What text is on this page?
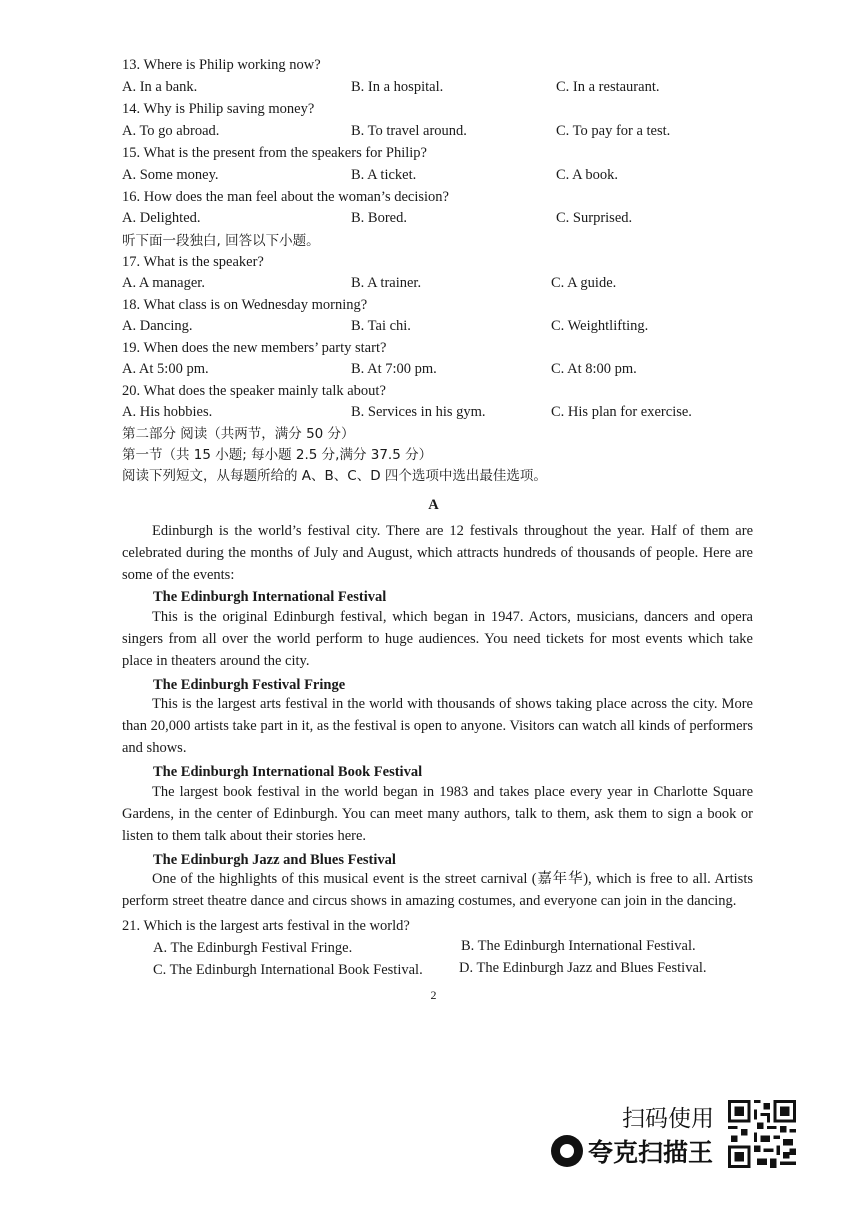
13. Where is Philip working now?
A. In a bank.	B. In a hospital.	C. In a restaurant.
14. Why is Philip saving money?
A. To go abroad.	B. To travel around.	C. To pay for a test.
15. What is the present from the speakers for Philip?
A. Some money.	B. A ticket.	C. A book.
16. How does the man feel about the woman’s decision?
A. Delighted.	B. Bored.	C. Surprised.
听下面一段独白, 回答以下小题。
17. What is the speaker?
A. A manager.	B. A trainer.	C. A guide.
18. What class is on Wednesday morning?
A. Dancing.	B. Tai chi.	C. Weightlifting.
19. When does the new members’ party start?
A. At 5:00 pm.	B. At 7:00 pm.	C. At 8:00 pm.
20. What does the speaker mainly talk about?
A. His hobbies.	B. Services in his gym.	C. His plan for exercise.
第二部分 阅读（共两节，满分 50 分）
第一节（共 15 小题; 每小题 2.5 分,满分 37.5 分）
阅读下列短文，从每题所给的 A、B、C、D 四个选项中选出最佳选项。
A
Edinburgh is the world’s festival city. There are 12 festivals throughout the year. Half of them are celebrated during the months of July and August, which attracts hundreds of thousands of people. Here are some of the events:
The Edinburgh International Festival
This is the original Edinburgh festival, which began in 1947. Actors, musicians, dancers and opera singers from all over the world perform to huge audiences. You need tickets for most events which take place in theaters around the city.
The Edinburgh Festival Fringe
This is the largest arts festival in the world with thousands of shows taking place across the city. More than 20,000 artists take part in it, as the festival is open to anyone. Visitors can watch all kinds of performers and shows.
The Edinburgh International Book Festival
The largest book festival in the world began in 1983 and takes place every year in Charlotte Square Gardens, in the center of Edinburgh. You can meet many authors, talk to them, ask them to sign a book or listen to them talk about their stories here.
The Edinburgh Jazz and Blues Festival
One of the highlights of this musical event is the street carnival (嘉年华), which is free to all. Artists perform street theatre dance and circus shows in amazing costumes, and everyone can join in the dancing.
21. Which is the largest arts festival in the world?
A. The Edinburgh Festival Fringe.	B. The Edinburgh International Festival.
C. The Edinburgh International Book Festival.	D. The Edinburgh Jazz and Blues Festival.
2
扫码使用
夸克扫描王
